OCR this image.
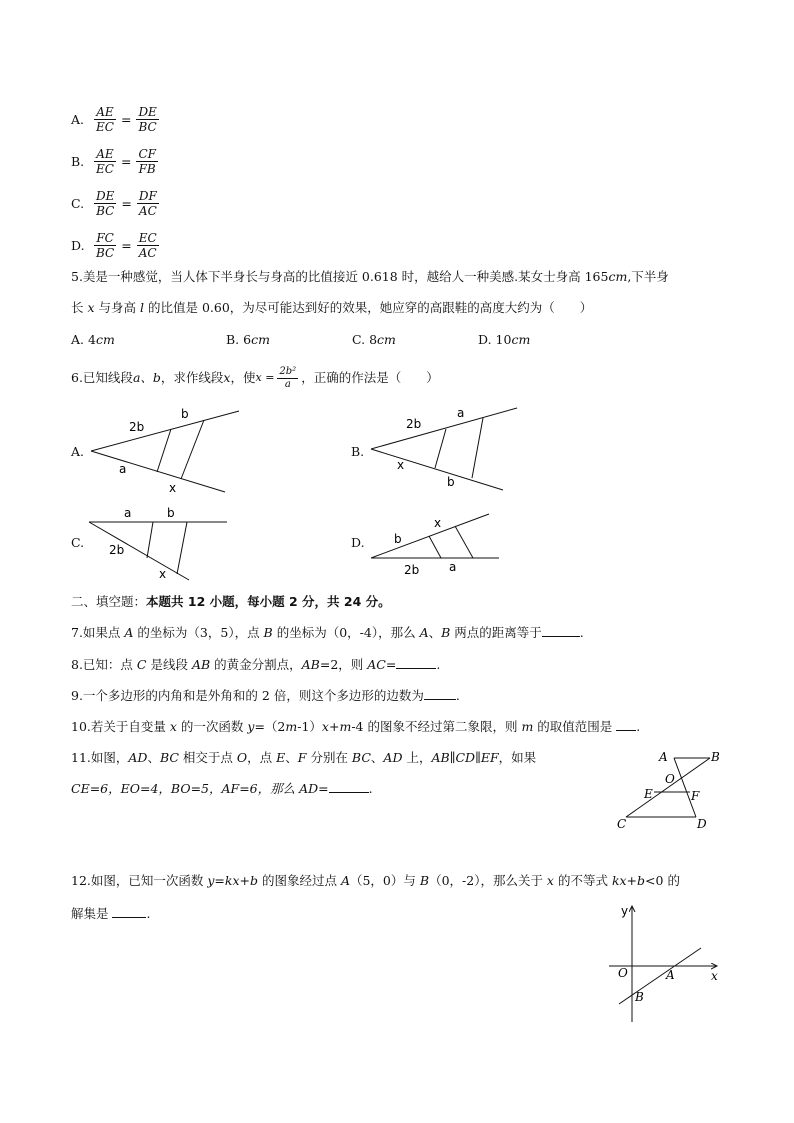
A. $\frac{AE}{EC} = \frac{DE}{BC}$
B. $\frac{AE}{EC} = \frac{CF}{FB}$
C. $\frac{DE}{BC} = \frac{DF}{AC}$
D. $\frac{FC}{BC} = \frac{EC}{AC}$
5.美是一种感觉，当人体下半身长与身高的比值接近 0.618 时，越给人一种美感.某女士身高 165cm,下半身
长 x 与身高 l 的比值是 0.60，为尽可能达到好的效果，她应穿的高跟鞋的高度大约为（　　）
A. 4cm	B. 6cm	C. 8cm	D. 10cm
6.已知线段 a、b ，求作线段 x ，使 $x = \frac{\text{2b²}}{a}$ ，正确的作法是（　　）
A.
2b
b
a
x
B.
2b
a
x
b
C.
a	b
2b
x
D. b
x
2b a
二、填空题：本题共 12 小题，每小题 2 分，共 24 分。
7.如果点 A 的坐标为（3，5），点 B 的坐标为（0，-4），那么 A、B 两点的距离等于	.
8.已知：点 C 是线段 AB 的黄金分割点，AB=2，则 AC=	.
9.一个多边形的内角和是外角和的 2 倍，则这个多边形的边数为	.
10.若关于自变量 x 的一次函数 y=（2m-1）x+m-4 的图象不经过第二象限，则 m 的取值范围是 .
11.如图，AD、BC 相交于点 O，点 E、F 分别在 BC、AD 上，AB∥CD∥EF，如果
CE=6，EO=4，BO=5，AF=6，那么 AD=	.
A	B
O
E	F
C	D
12.如图，已知一次函数 y=kx+b 的图象经过点 A（5，0）与 B（0，-2），那么关于 x 的不等式 kx+b<0 的
解集是	.	y
x
O	A
B
